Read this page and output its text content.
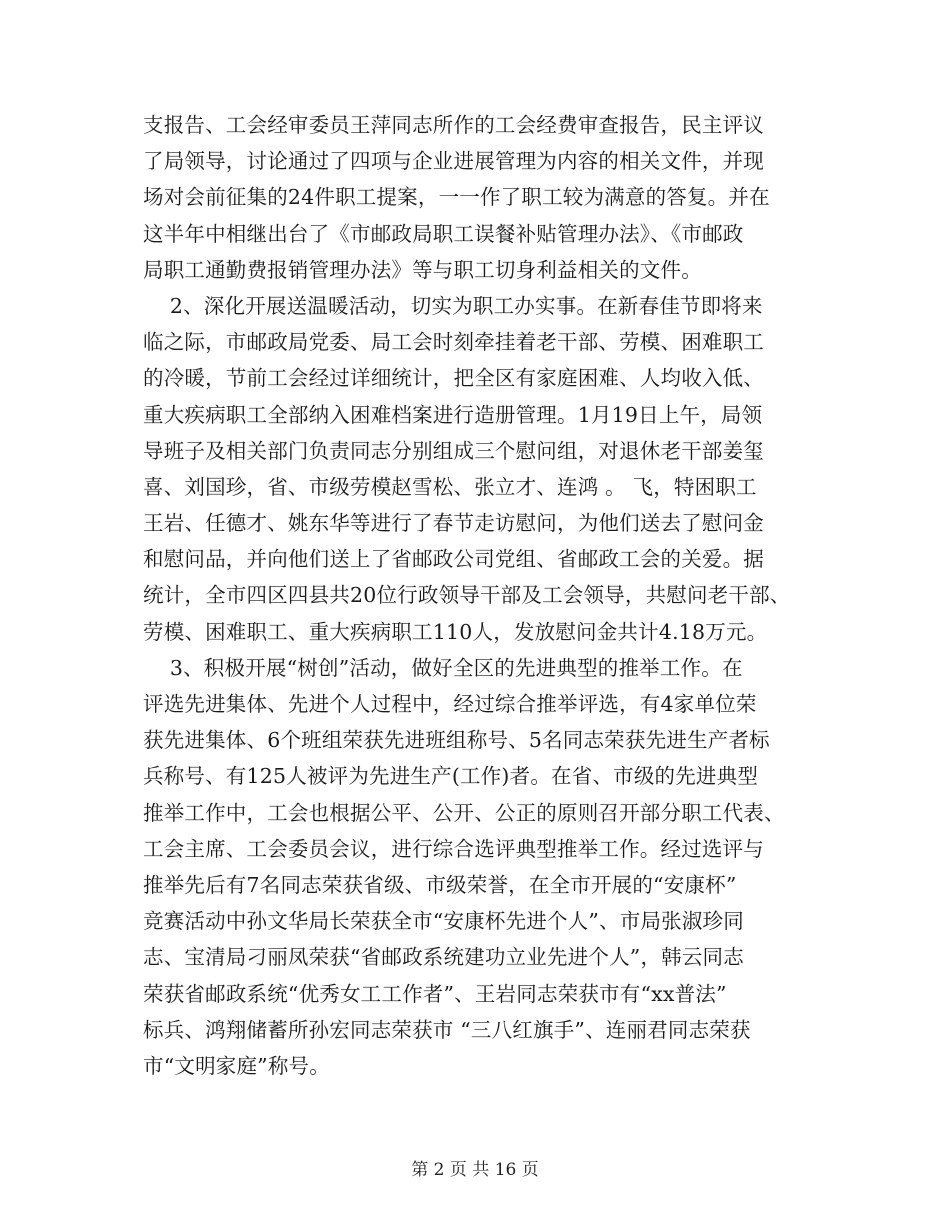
支报告、工会经审委员王萍同志所作的工会经费审查报告，民主评议
了局领导，讨论通过了四项与企业进展管理为内容的相关文件，并现
场对会前征集的24件职工提案，一一作了职工较为满意的答复。并在
这半年中相继出台了《市邮政局职工误餐补贴管理办法》、《市邮政
局职工通勤费报销管理办法》等与职工切身利益相关的文件。
2、深化开展送温暖活动，切实为职工办实事。在新春佳节即将来
临之际，市邮政局党委、局工会时刻牵挂着老干部、劳模、困难职工
的冷暖，节前工会经过详细统计，把全区有家庭困难、人均收入低、
重大疾病职工全部纳入困难档案进行造册管理。1月19日上午，局领
导班子及相关部门负责同志分别组成三个慰问组，对退休老干部姜玺
喜、刘国珍，省、市级劳模赵雪松、张立才、连鸿 。 飞，特困职工
王岩、任德才、姚东华等进行了春节走访慰问，为他们送去了慰问金
和慰问品，并向他们送上了省邮政公司党组、省邮政工会的关爱。据
统计，全市四区四县共20位行政领导干部及工会领导，共慰问老干部、
劳模、困难职工、重大疾病职工110人，发放慰问金共计4.18万元。
3、积极开展“树创”活动，做好全区的先进典型的推举工作。在
评选先进集体、先进个人过程中，经过综合推举评选，有4家单位荣
获先进集体、6个班组荣获先进班组称号、5名同志荣获先进生产者标
兵称号、有125人被评为先进生产(工作)者。在省、市级的先进典型
推举工作中，工会也根据公平、公开、公正的原则召开部分职工代表、
工会主席、工会委员会议，进行综合选评典型推举工作。经过选评与
推举先后有7名同志荣获省级、市级荣誉，在全市开展的“安康杯”
竞赛活动中孙文华局长荣获全市“安康杯先进个人”、市局张淑珍同
志、宝清局刁丽凤荣获“省邮政系统建功立业先进个人”，韩云同志
荣获省邮政系统“优秀女工工作者”、王岩同志荣获市有“xx普法”
标兵、鸿翔储蓄所孙宏同志荣获市 “三八红旗手”、连丽君同志荣获
市“文明家庭”称号。
第 2 页 共 16 页
